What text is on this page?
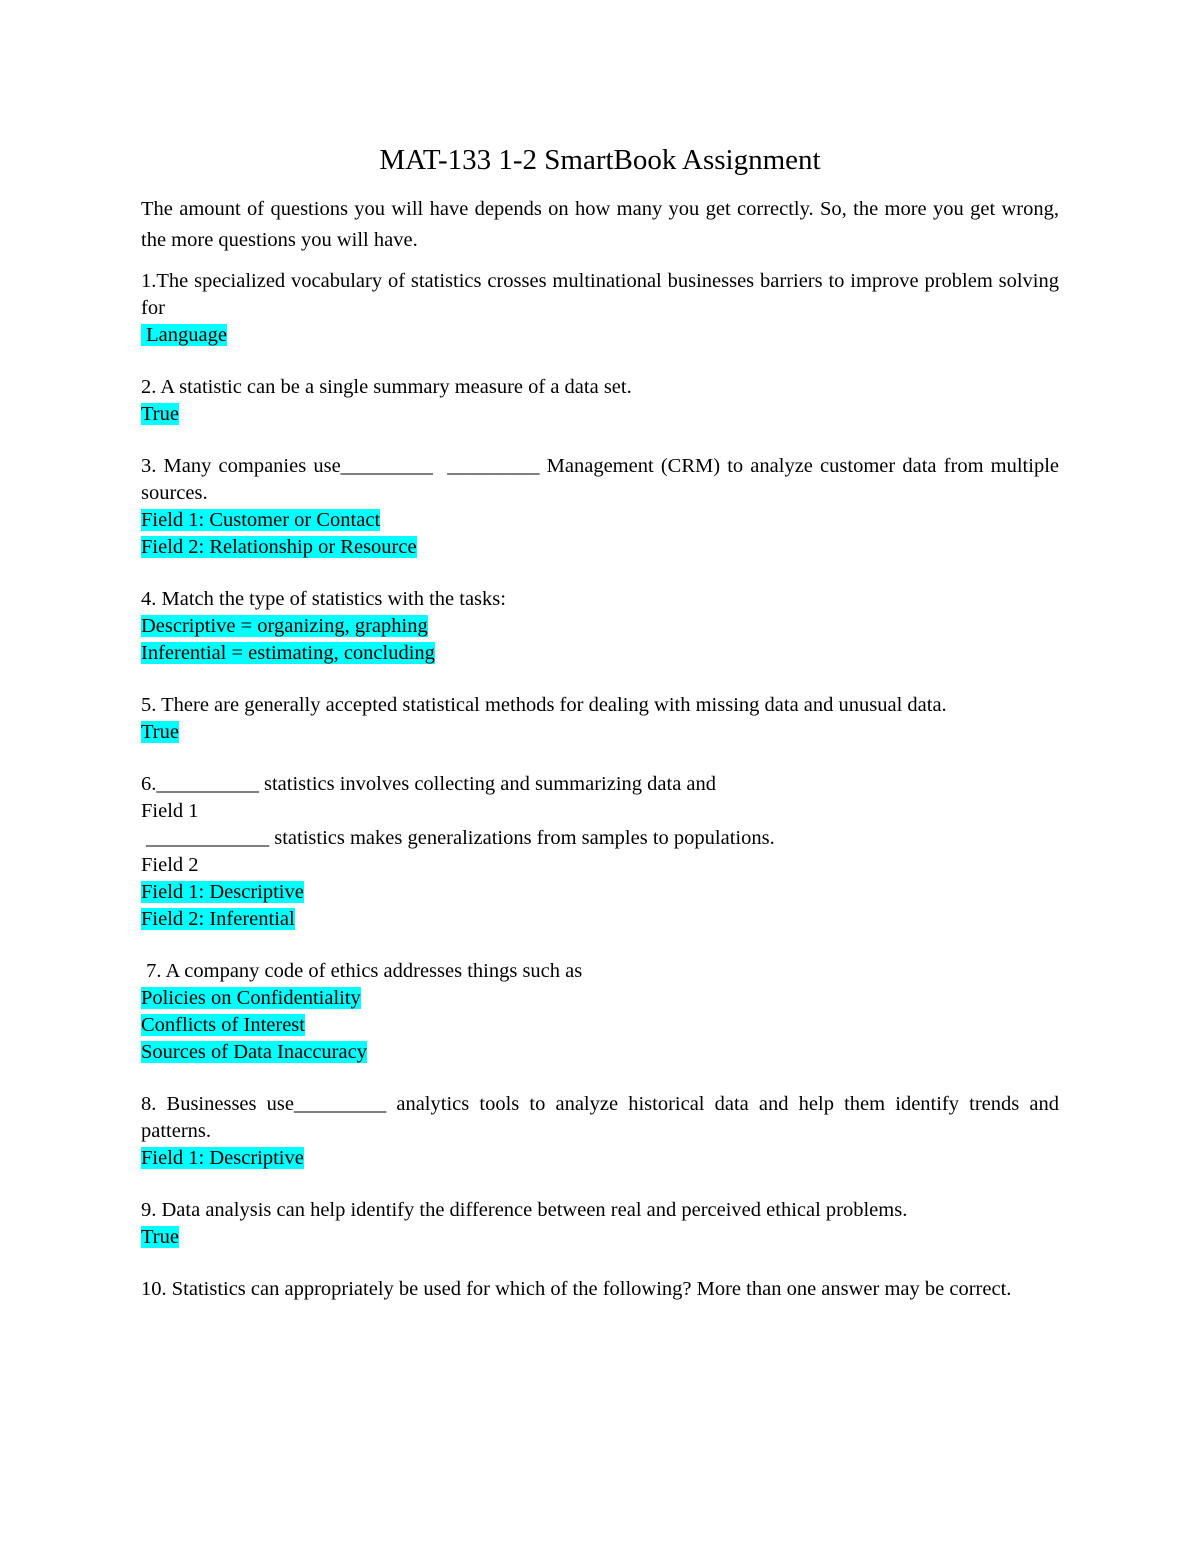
MAT-133 1-2 SmartBook Assignment

The amount of questions you will have depends on how many you get correctly. So, the more you get wrong, the more questions you will have.

1.The specialized vocabulary of statistics crosses multinational businesses barriers to improve problem solving for
Language
2. A statistic can be a single summary measure of a data set.
True
3. Many companies use_________  _________ Management (CRM) to analyze customer data from multiple sources.
Field 1: Customer or Contact
Field 2: Relationship or Resource
4. Match the type of statistics with the tasks:
Descriptive = organizing, graphing
Inferential = estimating, concluding
5. There are generally accepted statistical methods for dealing with missing data and unusual data.
True
6.__________ statistics involves collecting and summarizing data and
Field 1
____________ statistics makes generalizations from samples to populations.
Field 2
Field 1: Descriptive
Field 2: Inferential
7. A company code of ethics addresses things such as
Policies on Confidentiality
Conflicts of Interest
Sources of Data Inaccuracy
8. Businesses use_________ analytics tools to analyze historical data and help them identify trends and patterns.
Field 1: Descriptive
9. Data analysis can help identify the difference between real and perceived ethical problems.
True
10. Statistics can appropriately be used for which of the following? More than one answer may be correct.
